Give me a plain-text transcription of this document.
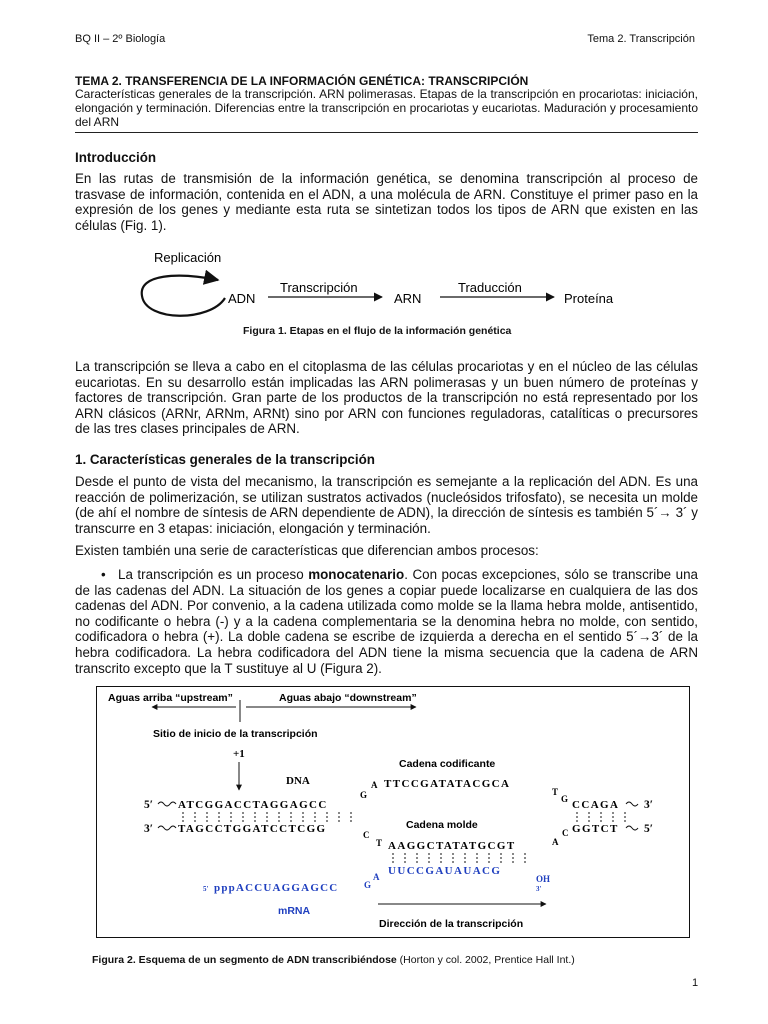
BQ II – 2º Biología	Tema 2. Transcripción
TEMA 2. TRANSFERENCIA DE LA INFORMACIÓN GENÉTICA: TRANSCRIPCIÓN
Características generales de la transcripción. ARN polimerasas. Etapas de la transcripción en procariotas: iniciación, elongación y terminación. Diferencias entre la transcripción en procariotas y eucariotas. Maduración y procesamiento del ARN
Introducción
En las rutas de transmisión de la información genética, se denomina transcripción al proceso de trasvase de información, contenida en el ADN, a una molécula de ARN. Constituye el primer paso en la expresión de los genes y mediante esta ruta se sintetizan todos los tipos de ARN que existen en las células (Fig. 1).
Replicación
ADN
Transcripción
ARN
Traducción
Proteína
Figura 1. Etapas en el flujo de la información genética
La transcripción se lleva a cabo en el citoplasma de las células procariotas y en el núcleo de las células eucariotas. En su desarrollo están implicadas las ARN polimerasas y un buen número de proteínas y factores de transcripción. Gran parte de los productos de la transcripción no está representado por los ARN clásicos (ARNr, ARNm, ARNt) sino por ARN con funciones reguladoras, catalíticas o precursores de las tres clases principales de ARN.
1. Características generales de la transcripción
Desde el punto de vista del mecanismo, la transcripción es semejante a la replicación del ADN. Es una reacción de polimerización, se utilizan sustratos activados (nucleósidos trifosfato), se necesita un molde (de ahí el nombre de síntesis de ARN dependiente de ADN), la dirección de síntesis es también 5´→ 3´ y transcurre en 3 etapas: iniciación, elongación y terminación.
Existen también una serie de características que diferencian ambos procesos:
• La transcripción es un proceso monocatenario. Con pocas excepciones, sólo se transcribe una de las cadenas del ADN. La situación de los genes a copiar puede localizarse en cualquiera de las dos cadenas del ADN. Por convenio, a la cadena utilizada como molde se la llama hebra molde, antisentido, no codificante o hebra (-) y a la cadena complementaria se la denomina hebra no molde, con sentido, codificadora o hebra (+). La doble cadena se escribe de izquierda a derecha en el sentido 5´→3´ de la hebra codificadora. La hebra codificadora del ADN tiene la misma secuencia que la cadena de ARN transcrito excepto que la T sustituye al U (Figura 2).
Aguas arriba “upstream”	Aguas abajo “downstream”
Sitio de inicio de la transcripción
+1
Cadena codificante
DNA
5′ ATCGGACCTAGGAGCC
G
A TTCCGATATACGCA
T
G CCAGA 3′
3′ TAGCCTGGATCCTCGG	C
T
Cadena molde
AAGGCTATATGCGT	A
C GGTCT 5′
UUCCGAUAUACG
OH
3′
A
G
5′ pppACCUAGGAGCC
mRNA
Dirección de la transcripción
Figura 2. Esquema de un segmento de ADN transcribiéndose (Horton y col. 2002, Prentice Hall Int.)
1
